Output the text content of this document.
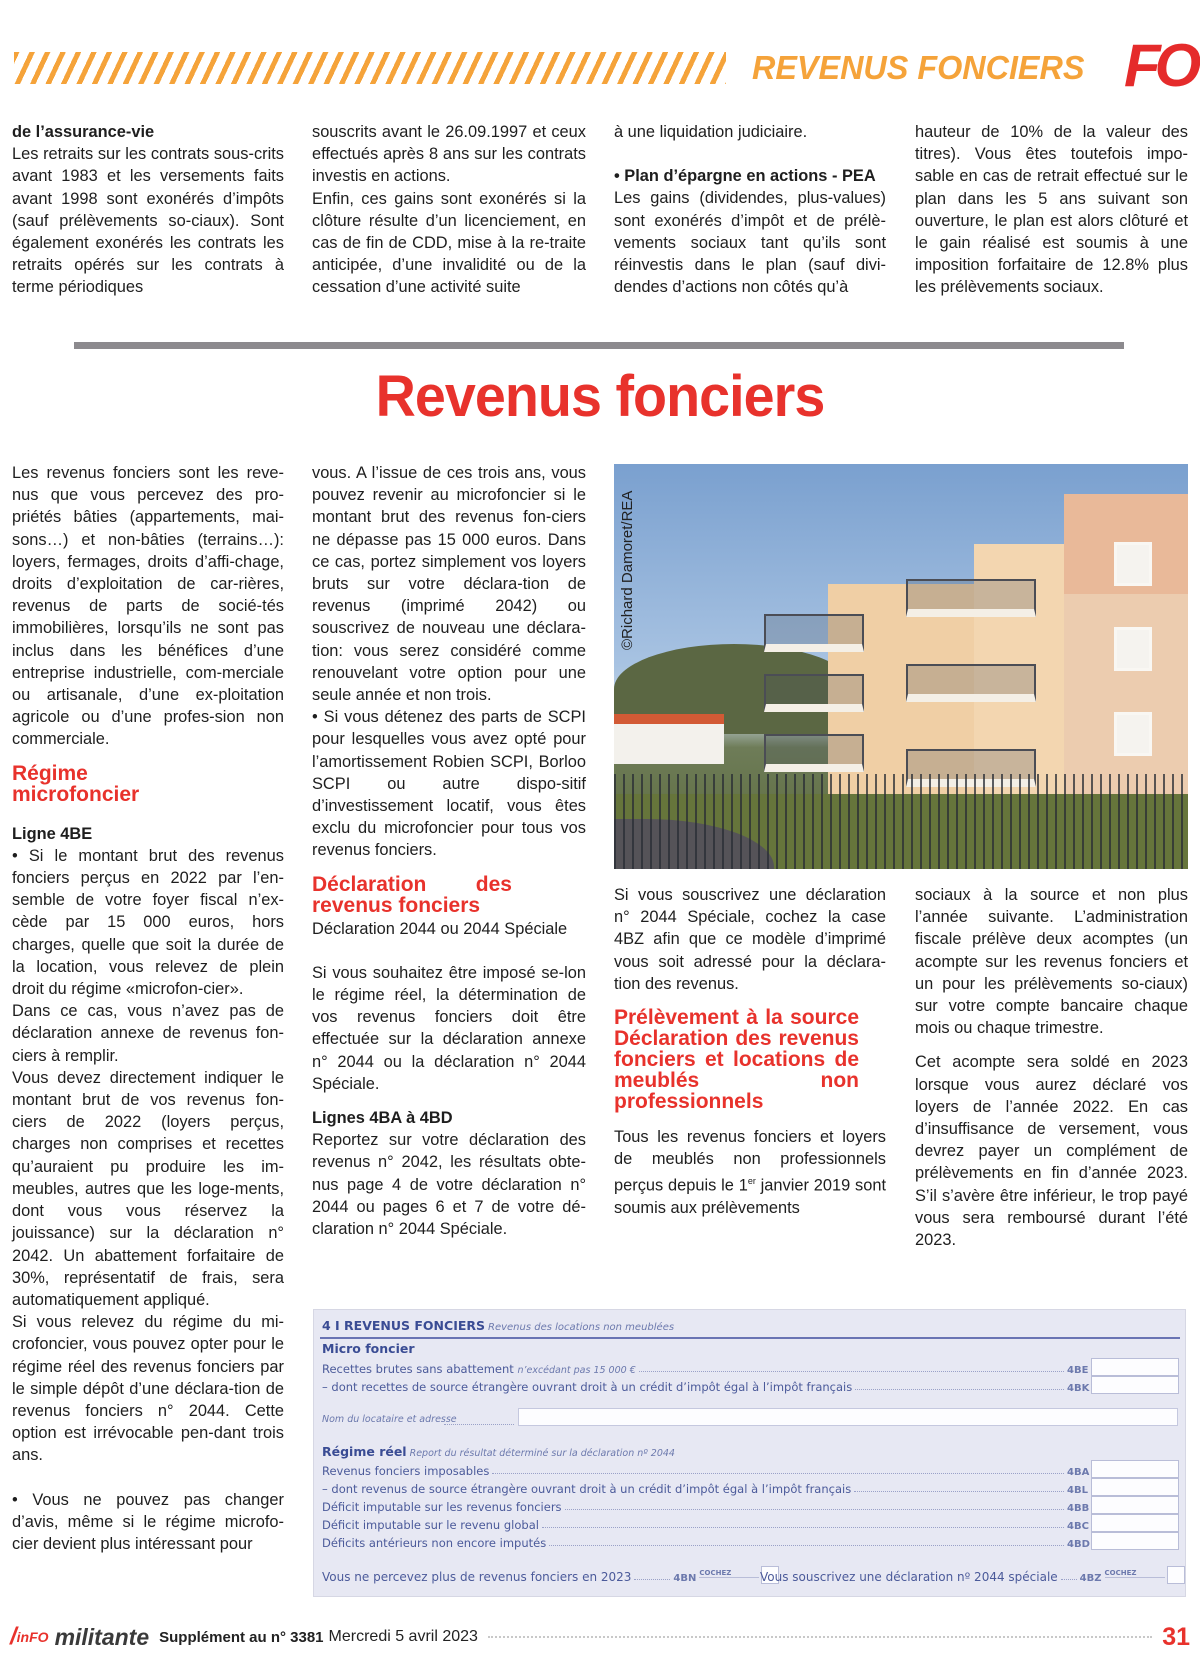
REVENUS FONCIERS FO

de l’assurance-vie

Les retraits sur les contrats sous-crits avant 1983 et les versements faits avant 1998 sont exonérés d’impôts (sauf prélèvements so-ciaux). Sont également exonérés les contrats les retraits opérés sur les contrats à terme périodiques

souscrits avant le 26.09.1997 et ceux effectués après 8 ans sur les contrats investis en actions.

Enfin, ces gains sont exonérés si la clôture résulte d’un licenciement, en cas de fin de CDD, mise à la re-traite anticipée, d’une invalidité ou de la cessation d’une activité suite

à une liquidation judiciaire.

• Plan d’épargne en actions - PEA

Les gains (dividendes, plus-values) sont exonérés d’impôt et de prélè-vements sociaux tant qu’ils sont réinvestis dans le plan (sauf divi-dendes d’actions non côtés qu’à

hauteur de 10% de la valeur des titres). Vous êtes toutefois impo-sable en cas de retrait effectué sur le plan dans les 5 ans suivant son ouverture, le plan est alors clôturé et le gain réalisé est soumis à une imposition forfaitaire de 12.8% plus les prélèvements sociaux.

Revenus fonciers

Les revenus fonciers sont les reve-nus que vous percevez des pro-priétés bâties (appartements, mai-sons…) et non-bâties (terrains…): loyers, fermages, droits d’affi-chage, droits d’exploitation de car-rières, revenus de parts de socié-tés immobilières, lorsqu’ils ne sont pas inclus dans les bénéfices d’une entreprise industrielle, com-merciale ou artisanale, d’une ex-ploitation agricole ou d’une profes-sion non commerciale.

Régime microfoncier

Ligne 4BE

• Si le montant brut des revenus fonciers perçus en 2022 par l’en-semble de votre foyer fiscal n’ex-cède par 15 000 euros, hors charges, quelle que soit la durée de la location, vous relevez de plein droit du régime «microfon-cier».

Dans ce cas, vous n’avez pas de déclaration annexe de revenus fon-ciers à remplir.

Vous devez directement indiquer le montant brut de vos revenus fon-ciers de 2022 (loyers perçus, charges non comprises et recettes qu’auraient pu produire les im-meubles, autres que les loge-ments, dont vous vous réservez la jouissance) sur la déclaration n° 2042. Un abattement forfaitaire de 30%, représentatif de frais, sera automatiquement appliqué.

Si vous relevez du régime du mi-crofoncier, vous pouvez opter pour le régime réel des revenus fonciers par le simple dépôt d’une déclara-tion de revenus fonciers n° 2044. Cette option est irrévocable pen-dant trois ans.

• Vous ne pouvez pas changer d’avis, même si le régime microfo-cier devient plus intéressant pour

vous. A l’issue de ces trois ans, vous pouvez revenir au microfoncier si le montant brut des revenus fon-ciers ne dépasse pas 15 000 euros. Dans ce cas, portez simplement vos loyers bruts sur votre déclara-tion de revenus (imprimé 2042) ou souscrivez de nouveau une déclara-tion: vous serez considéré comme renouvelant votre option pour une seule année et non trois.

• Si vous détenez des parts de SCPI pour lesquelles vous avez opté pour l’amortissement Robien SCPI, Borloo SCPI ou autre dispo-sitif d’investissement locatif, vous êtes exclu du microfoncier pour tous vos revenus fonciers.

Déclaration des revenus fonciers

Déclaration 2044 ou 2044 Spéciale

Si vous souhaitez être imposé se-lon le régime réel, la détermination de vos revenus fonciers doit être effectuée sur la déclaration annexe n° 2044 ou la déclaration n° 2044 Spéciale.

Lignes 4BA à 4BD

Reportez sur votre déclaration des revenus n° 2042, les résultats obte-nus page 4 de votre déclaration n° 2044 ou pages 6 et 7 de votre dé-claration n° 2044 Spéciale.

©Richard Damoret/REA

Si vous souscrivez une déclaration n° 2044 Spéciale, cochez la case 4BZ afin que ce modèle d’imprimé vous soit adressé pour la déclara-tion des revenus.

Prélèvement à la source Déclaration des revenus fonciers et locations de meublés non professionnels

Tous les revenus fonciers et loyers de meublés non professionnels perçus depuis le 1er janvier 2019 sont soumis aux prélèvements

sociaux à la source et non plus l’année suivante. L’administration fiscale prélève deux acomptes (un acompte sur les revenus fonciers et un pour les prélèvements so-ciaux) sur votre compte bancaire chaque mois ou chaque trimestre.

Cet acompte sera soldé en 2023 lorsque vous aurez déclaré vos loyers de l’année 2022. En cas d’insuffisance de versement, vous devrez payer un complément de prélèvements en fin d’année 2023. S’il s’avère être inférieur, le trop payé vous sera remboursé durant l’été 2023.

4 I REVENUS FONCIERS Revenus des locations non meublées
Micro foncier
Recettes brutes sans abattement n’excédant pas 15 000 €	4BE
– dont recettes de source étrangère ouvrant droit à un crédit d’impôt égal à l’impôt français	4BK
Nom du locataire et adresse
Régime réel Report du résultat déterminé sur la déclaration nº 2044
Revenus fonciers imposables	4BA
– dont revenus de source étrangère ouvrant droit à un crédit d’impôt égal à l’impôt français	4BL
Déficit imputable sur les revenus fonciers	4BB
Déficit imputable sur le revenu global	4BC
Déficits antérieurs non encore imputés	4BD
Vous ne percevez plus de revenus fonciers en 2023	4BN COCHEZ	Vous souscrivez une déclaration nº 2044 spéciale 4BZ COCHEZ
/ inFO militante Supplément au n° 3381 Mercredi 5 avril 2023	31
